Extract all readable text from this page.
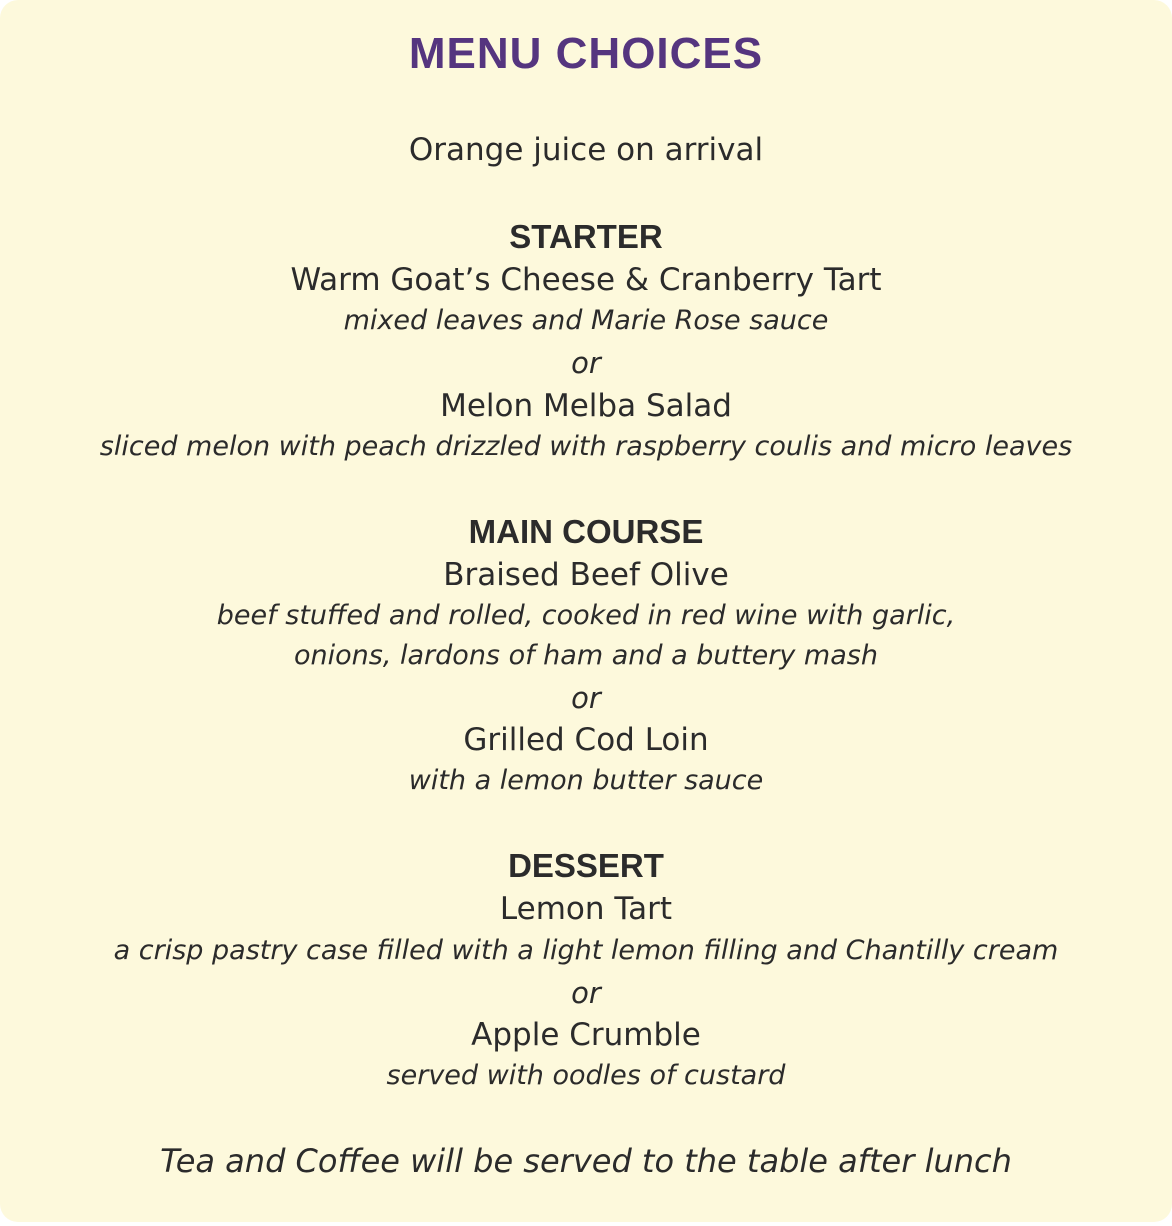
MENU CHOICES
Orange juice on arrival
STARTER
Warm Goat’s Cheese & Cranberry Tart
mixed leaves and Marie Rose sauce
or
Melon Melba Salad
sliced melon with peach drizzled with raspberry coulis and micro leaves
MAIN COURSE
Braised Beef Olive
beef stuffed and rolled, cooked in red wine with garlic,
onions, lardons of ham and a buttery mash
or
Grilled Cod Loin
with a lemon butter sauce
DESSERT
Lemon Tart
a crisp pastry case filled with a light lemon filling and Chantilly cream
or
Apple Crumble
served with oodles of custard
Tea and Coffee will be served to the table after lunch
